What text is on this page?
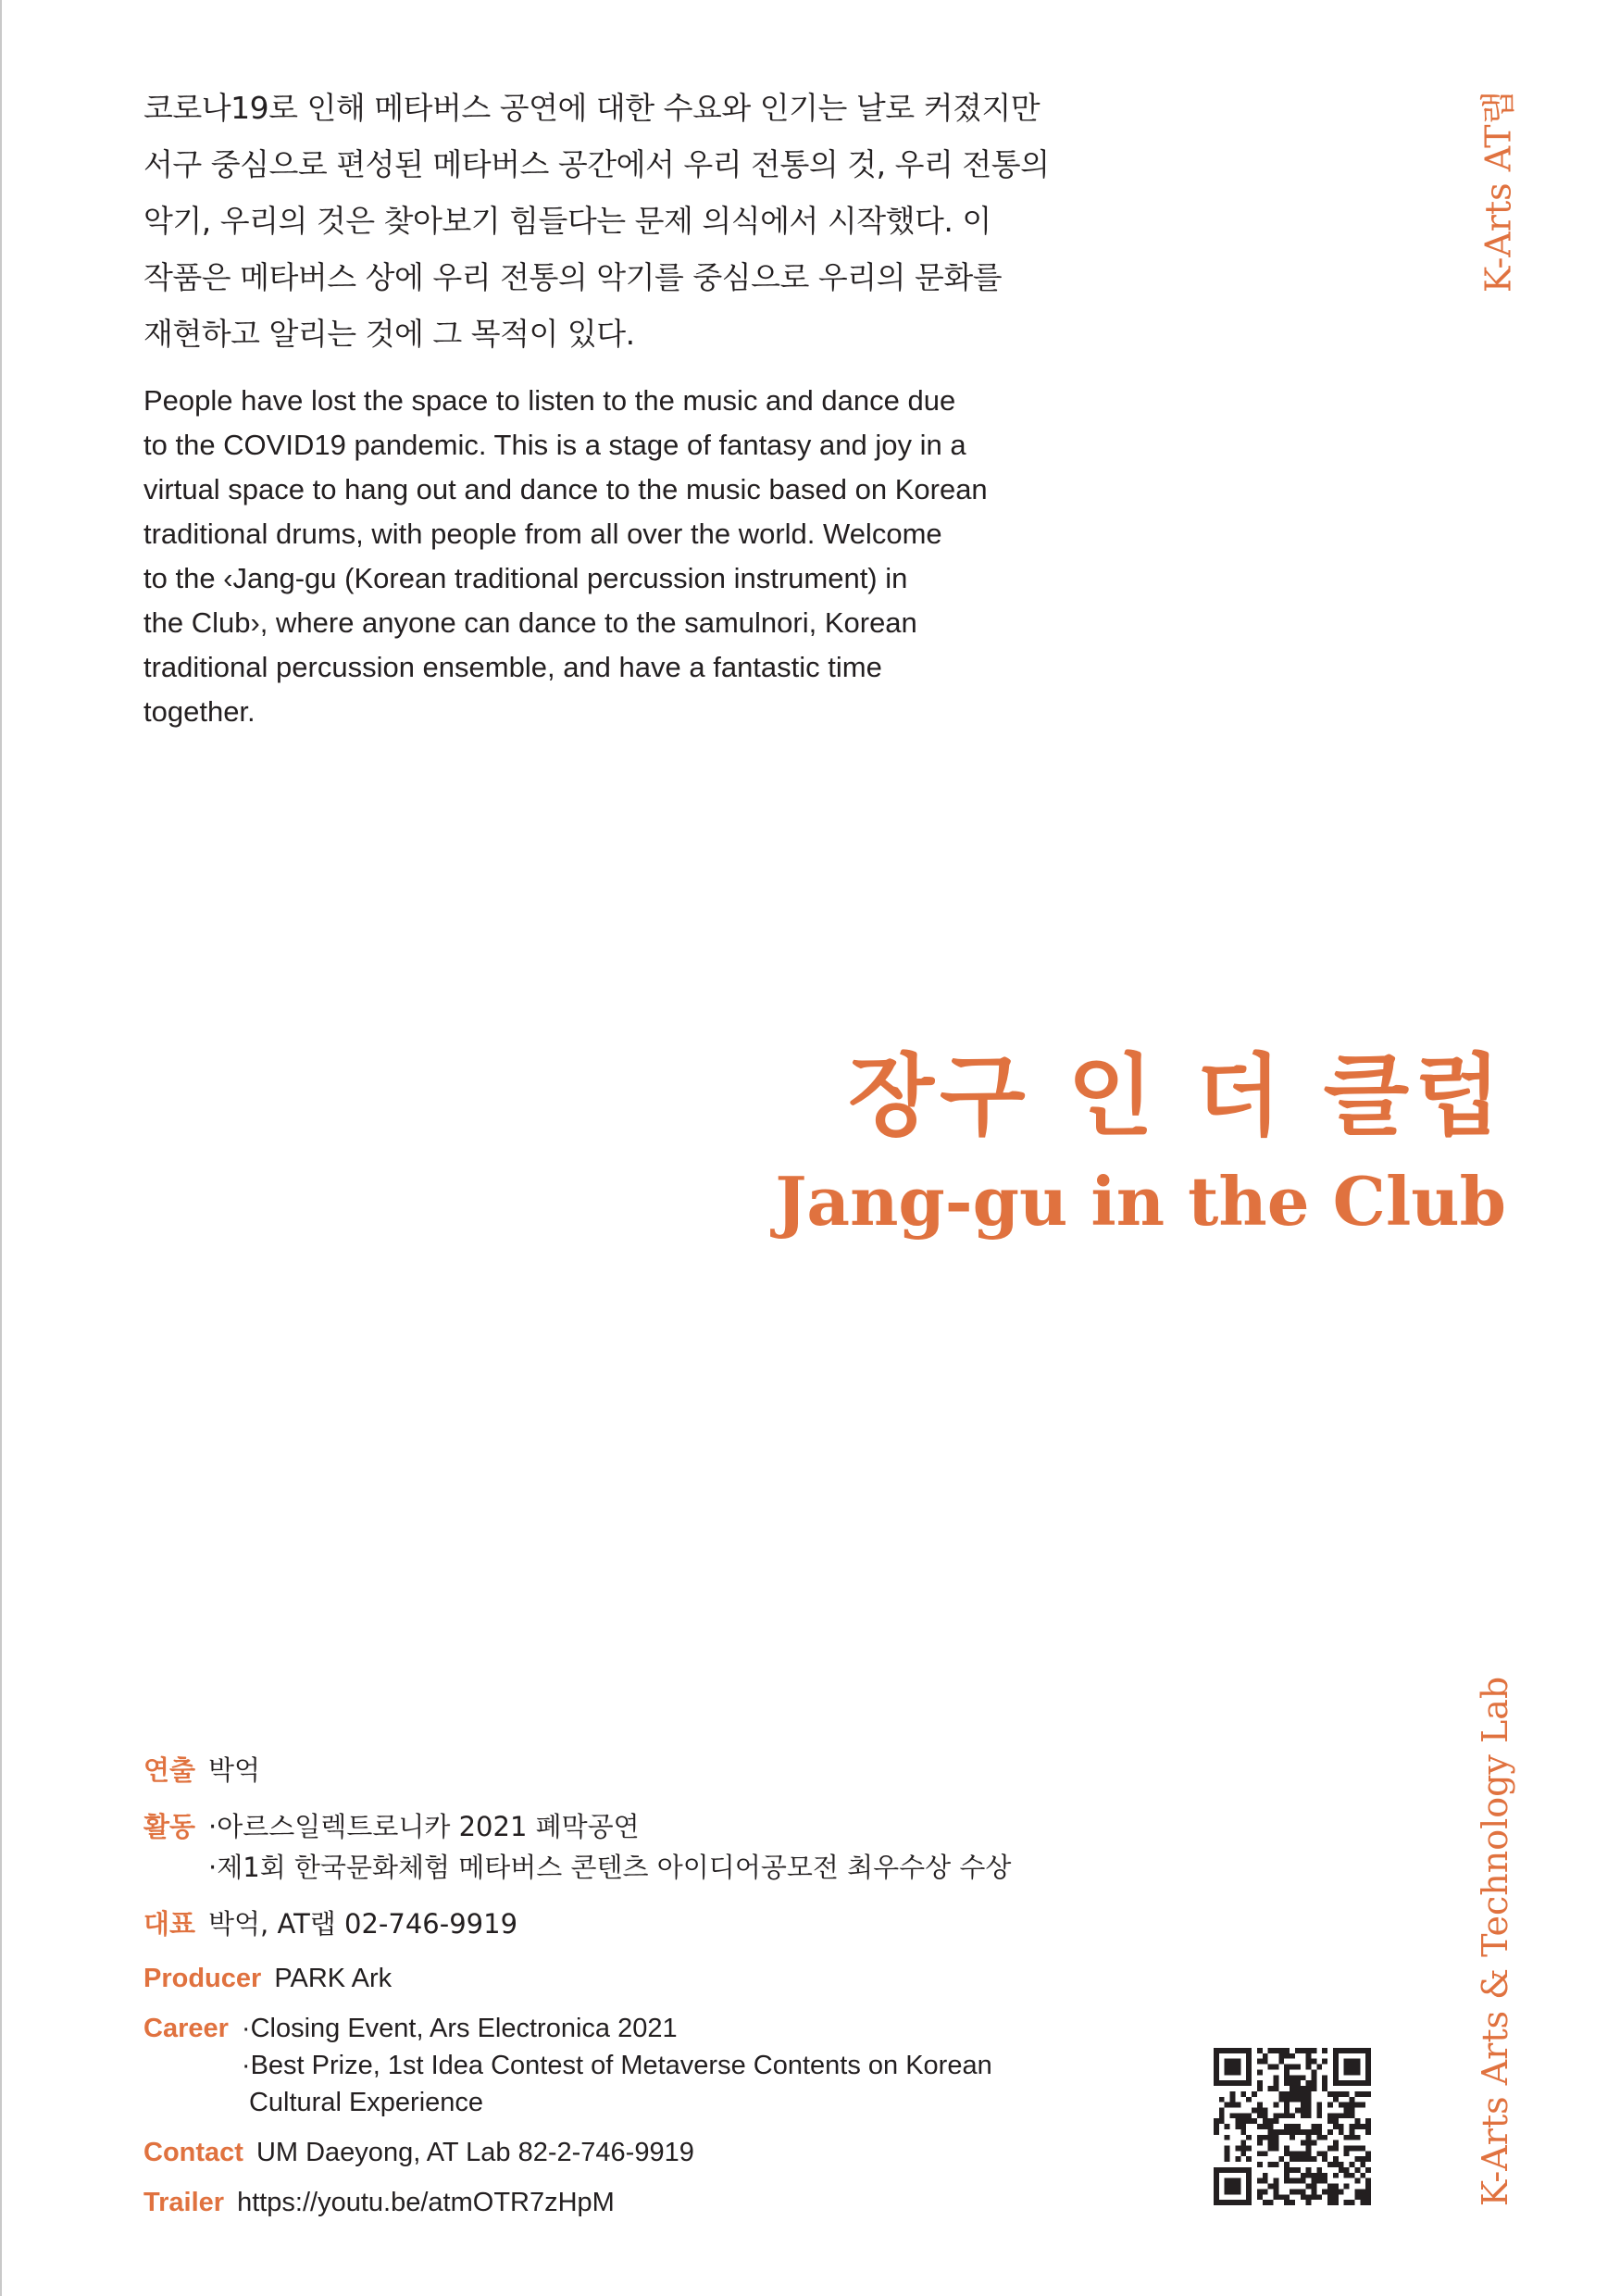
코로나19로 인해 메타버스 공연에 대한 수요와 인기는 날로 커졌지만
서구 중심으로 편성된 메타버스 공간에서 우리 전통의 것, 우리 전통의
악기, 우리의 것은 찾아보기 힘들다는 문제 의식에서 시작했다. 이
작품은 메타버스 상에 우리 전통의 악기를 중심으로 우리의 문화를
재현하고 알리는 것에 그 목적이 있다.

People have lost the space to listen to the music and dance due
to the COVID19 pandemic. This is a stage of fantasy and joy in a
virtual space to hang out and dance to the music based on Korean
traditional drums, with people from all over the world. Welcome
to the ‹Jang-gu (Korean traditional percussion instrument) in
the Club›, where anyone can dance to the samulnori, Korean
traditional percussion ensemble, and have a fantastic time
together.

K-Arts AT랩
K-Arts Arts & Technology Lab
장구 인 더 클럽
Jang-gu in the Club
연출 박억
활동 ·아르스일렉트로니카 2021 폐막공연
·제1회 한국문화체험 메타버스 콘텐츠 아이디어공모전 최우수상 수상
대표 박억, AT랩 02-746-9919
Producer PARK Ark
Career ·Closing Event, Ars Electronica 2021
·Best Prize, 1st Idea Contest of Metaverse Contents on Korean
Cultural Experience
Contact UM Daeyong, AT Lab 82-2-746-9919
Trailer https://youtu.be/atmOTR7zHpM
